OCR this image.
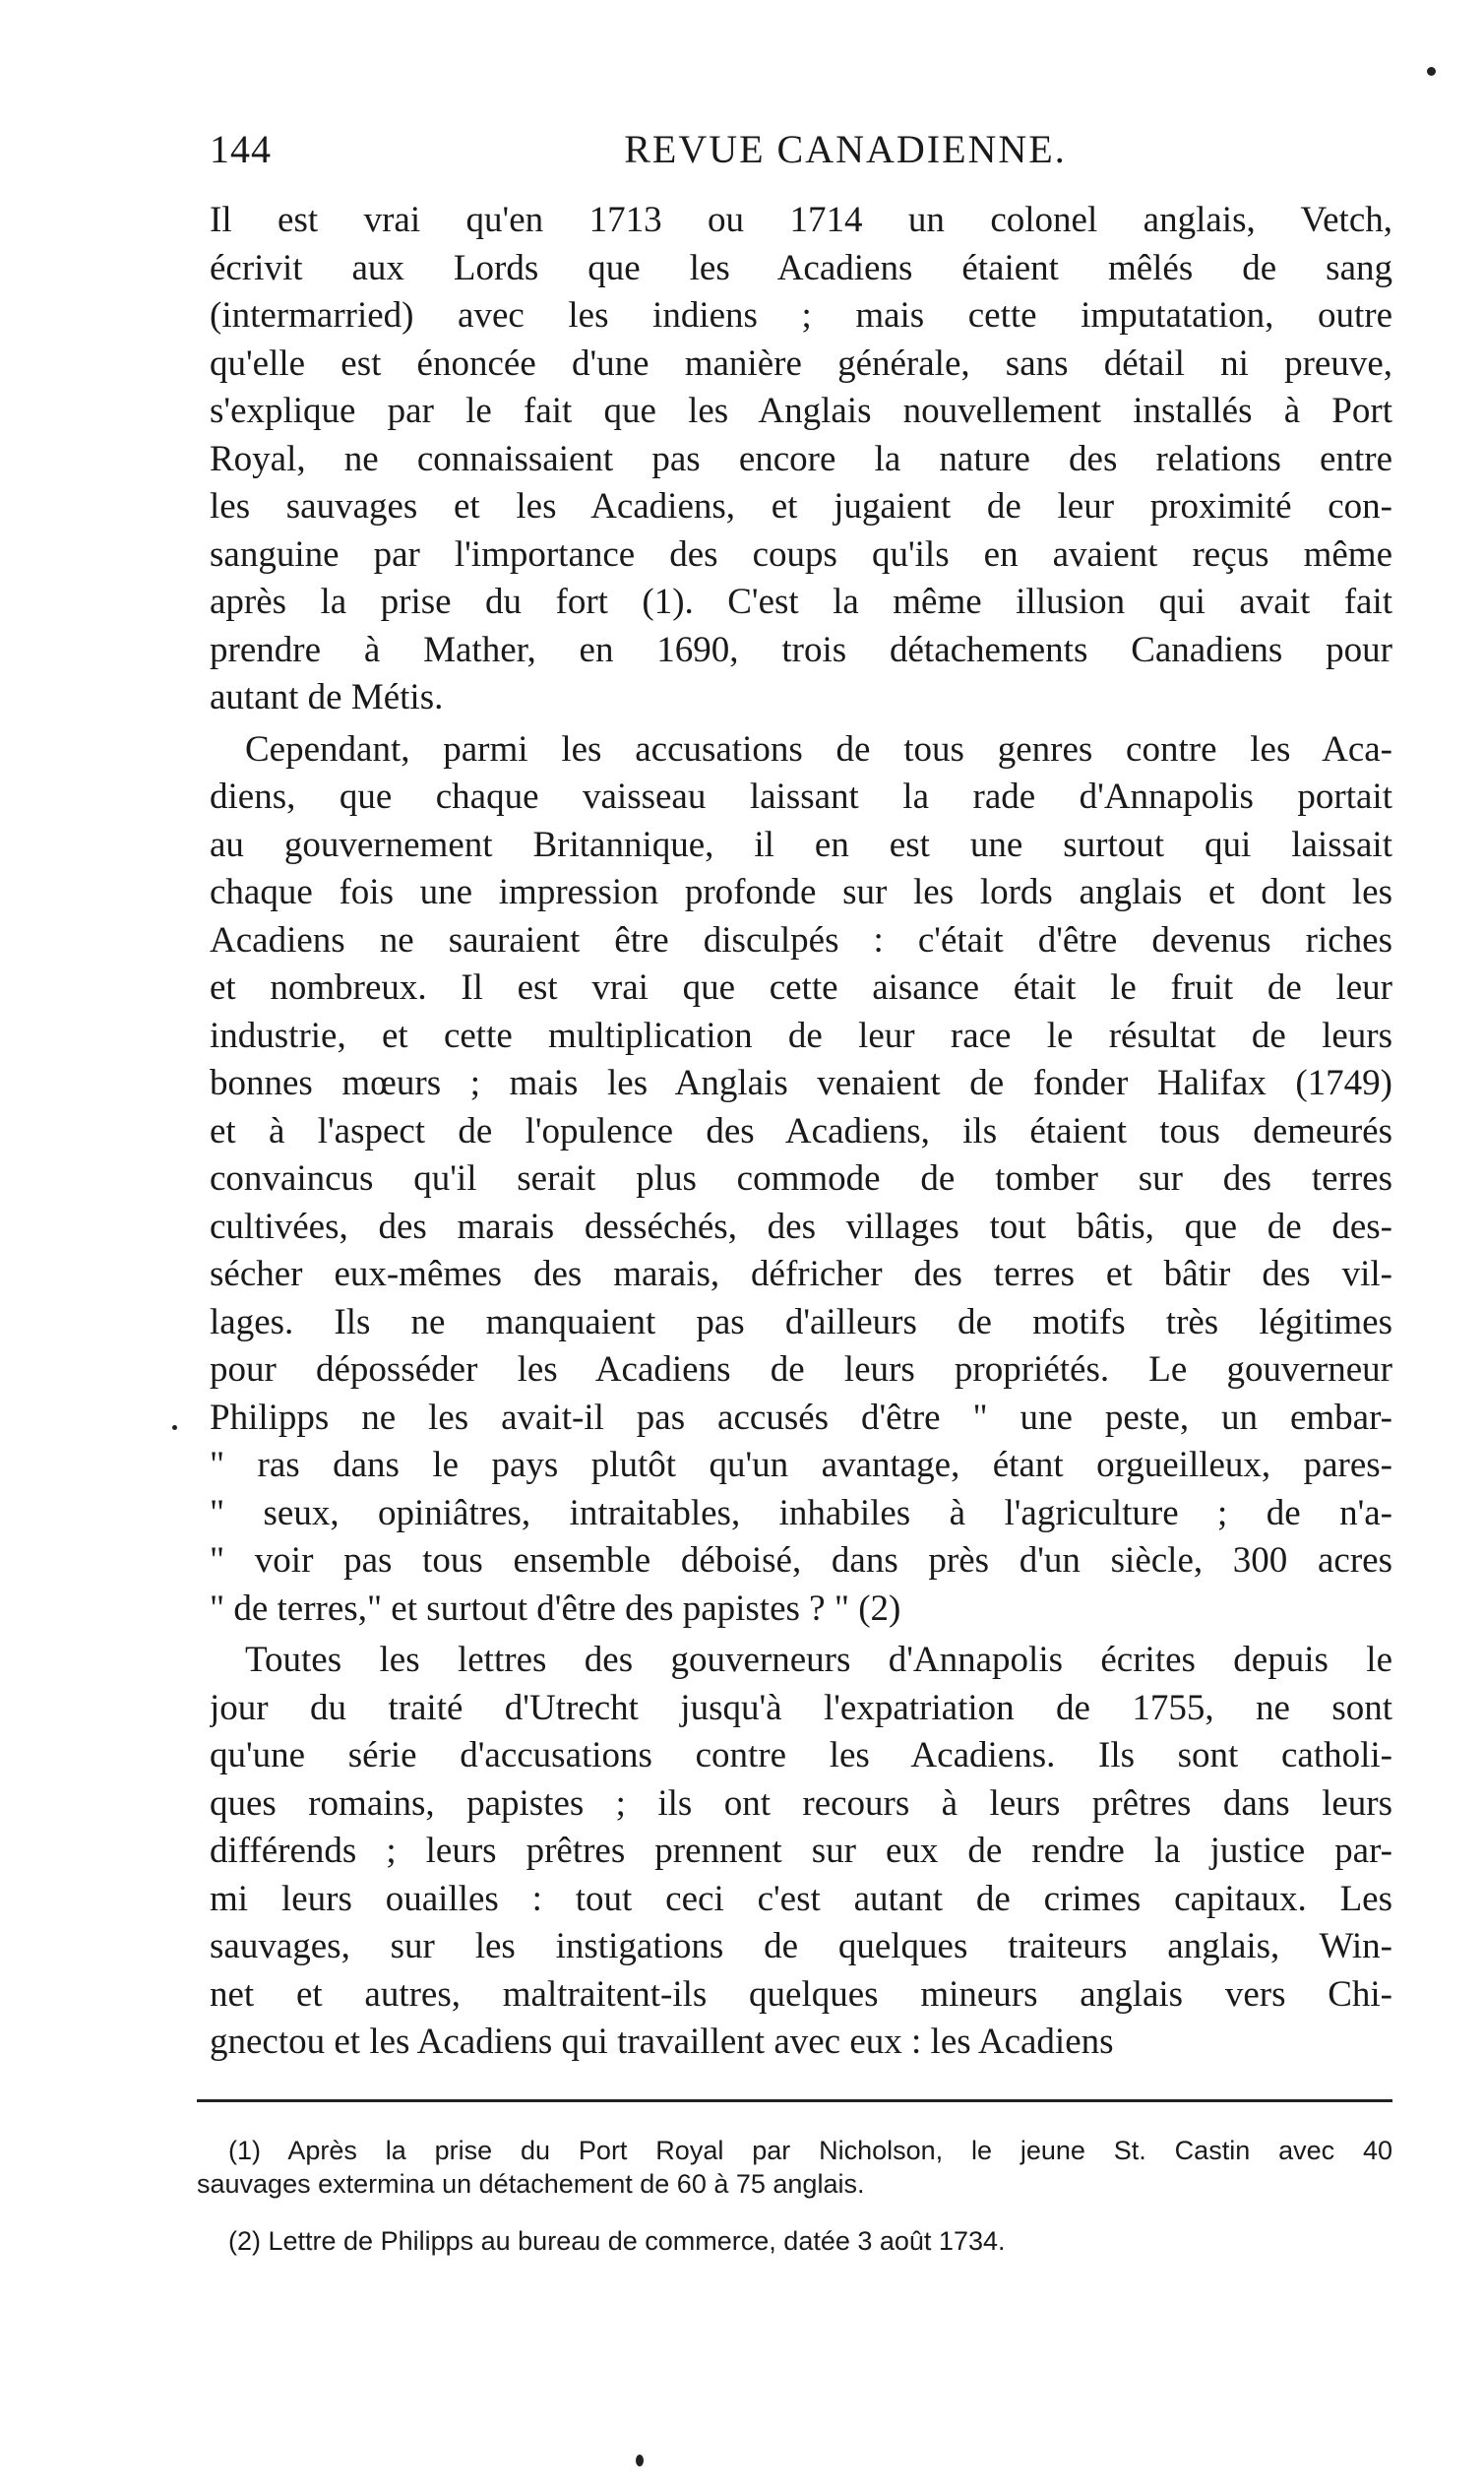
144	REVUE CANADIENNE.
Il est vrai qu'en 1713 ou 1714 un colonel anglais, Vetch,
écrivit aux Lords que les Acadiens étaient mêlés de sang
(intermarried) avec les indiens ; mais cette imputatation, outre
qu'elle est énoncée d'une manière générale, sans détail ni preuve,
s'explique par le fait que les Anglais nouvellement installés à Port
Royal, ne connaissaient pas encore la nature des relations entre
les sauvages et les Acadiens, et jugaient de leur proximité con-
sanguine par l'importance des coups qu'ils en avaient reçus même
après la prise du fort (1). C'est la même illusion qui avait fait
prendre à Mather, en 1690, trois détachements Canadiens pour
autant de Métis.
Cependant, parmi les accusations de tous genres contre les Aca-
diens, que chaque vaisseau laissant la rade d'Annapolis portait
au gouvernement Britannique, il en est une surtout qui laissait
chaque fois une impression profonde sur les lords anglais et dont les
Acadiens ne sauraient être disculpés : c'était d'être devenus riches
et nombreux. Il est vrai que cette aisance était le fruit de leur
industrie, et cette multiplication de leur race le résultat de leurs
bonnes mœurs ; mais les Anglais venaient de fonder Halifax (1749)
et à l'aspect de l'opulence des Acadiens, ils étaient tous demeurés
convaincus qu'il serait plus commode de tomber sur des terres
cultivées, des marais desséchés, des villages tout bâtis, que de des-
sécher eux-mêmes des marais, défricher des terres et bâtir des vil-
lages. Ils ne manquaient pas d'ailleurs de motifs très légitimes
pour déposséder les Acadiens de leurs propriétés. Le gouverneur
Philipps ne les avait-il pas accusés d'être " une peste, un embar-
" ras dans le pays plutôt qu'un avantage, étant orgueilleux, pares-
" seux, opiniâtres, intraitables, inhabiles à l'agriculture ; de n'a-
" voir pas tous ensemble déboisé, dans près d'un siècle, 300 acres
" de terres," et surtout d'être des papistes ? " (2)
Toutes les lettres des gouverneurs d'Annapolis écrites depuis le
jour du traité d'Utrecht jusqu'à l'expatriation de 1755, ne sont
qu'une série d'accusations contre les Acadiens. Ils sont catholi-
ques romains, papistes ; ils ont recours à leurs prêtres dans leurs
différends ; leurs prêtres prennent sur eux de rendre la justice par-
mi leurs ouailles : tout ceci c'est autant de crimes capitaux. Les
sauvages, sur les instigations de quelques traiteurs anglais, Win-
net et autres, maltraitent-ils quelques mineurs anglais vers Chi-
gnectou et les Acadiens qui travaillent avec eux : les Acadiens
(1) Après la prise du Port Royal par Nicholson, le jeune St. Castin avec 40
sauvages extermina un détachement de 60 à 75 anglais.
(2) Lettre de Philipps au bureau de commerce, datée 3 août 1734.
